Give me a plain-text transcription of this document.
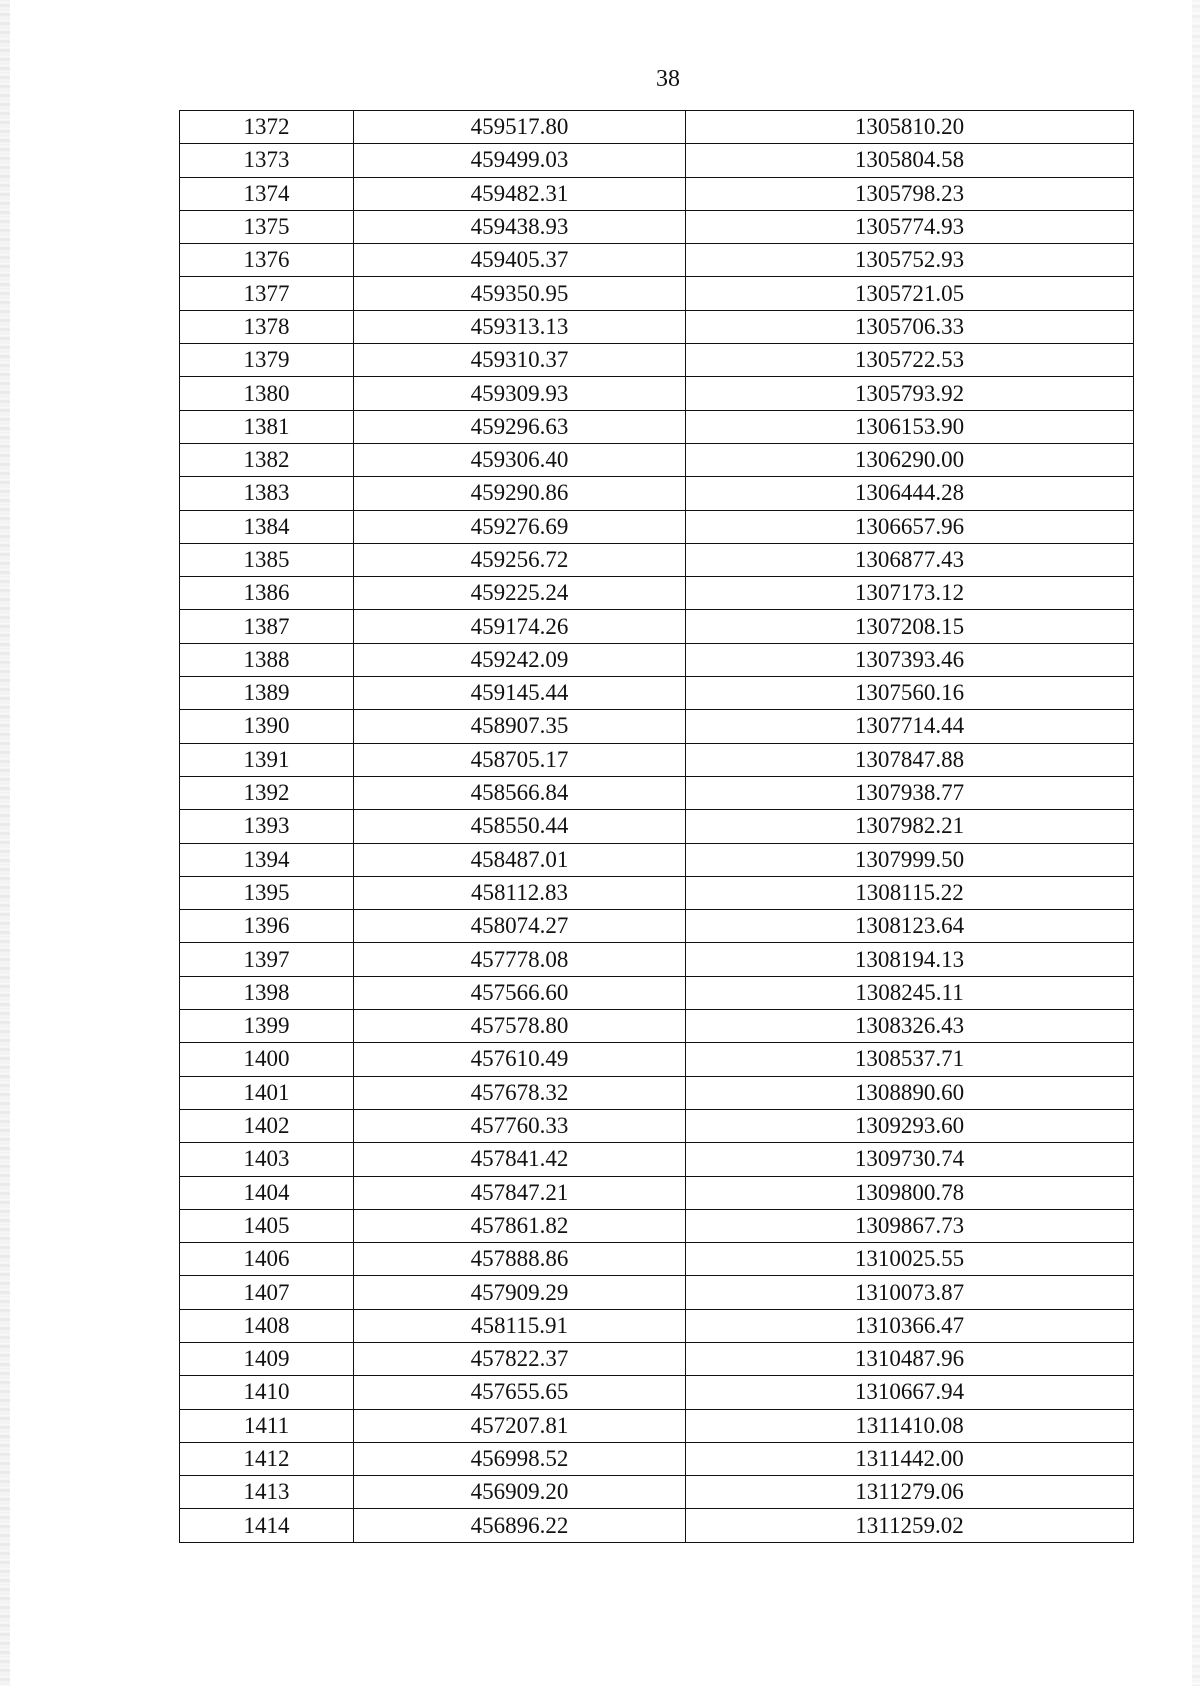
38
1372	459517.80	1305810.20
1373	459499.03	1305804.58
1374	459482.31	1305798.23
1375	459438.93	1305774.93
1376	459405.37	1305752.93
1377	459350.95	1305721.05
1378	459313.13	1305706.33
1379	459310.37	1305722.53
1380	459309.93	1305793.92
1381	459296.63	1306153.90
1382	459306.40	1306290.00
1383	459290.86	1306444.28
1384	459276.69	1306657.96
1385	459256.72	1306877.43
1386	459225.24	1307173.12
1387	459174.26	1307208.15
1388	459242.09	1307393.46
1389	459145.44	1307560.16
1390	458907.35	1307714.44
1391	458705.17	1307847.88
1392	458566.84	1307938.77
1393	458550.44	1307982.21
1394	458487.01	1307999.50
1395	458112.83	1308115.22
1396	458074.27	1308123.64
1397	457778.08	1308194.13
1398	457566.60	1308245.11
1399	457578.80	1308326.43
1400	457610.49	1308537.71
1401	457678.32	1308890.60
1402	457760.33	1309293.60
1403	457841.42	1309730.74
1404	457847.21	1309800.78
1405	457861.82	1309867.73
1406	457888.86	1310025.55
1407	457909.29	1310073.87
1408	458115.91	1310366.47
1409	457822.37	1310487.96
1410	457655.65	1310667.94
1411	457207.81	1311410.08
1412	456998.52	1311442.00
1413	456909.20	1311279.06
1414	456896.22	1311259.02
